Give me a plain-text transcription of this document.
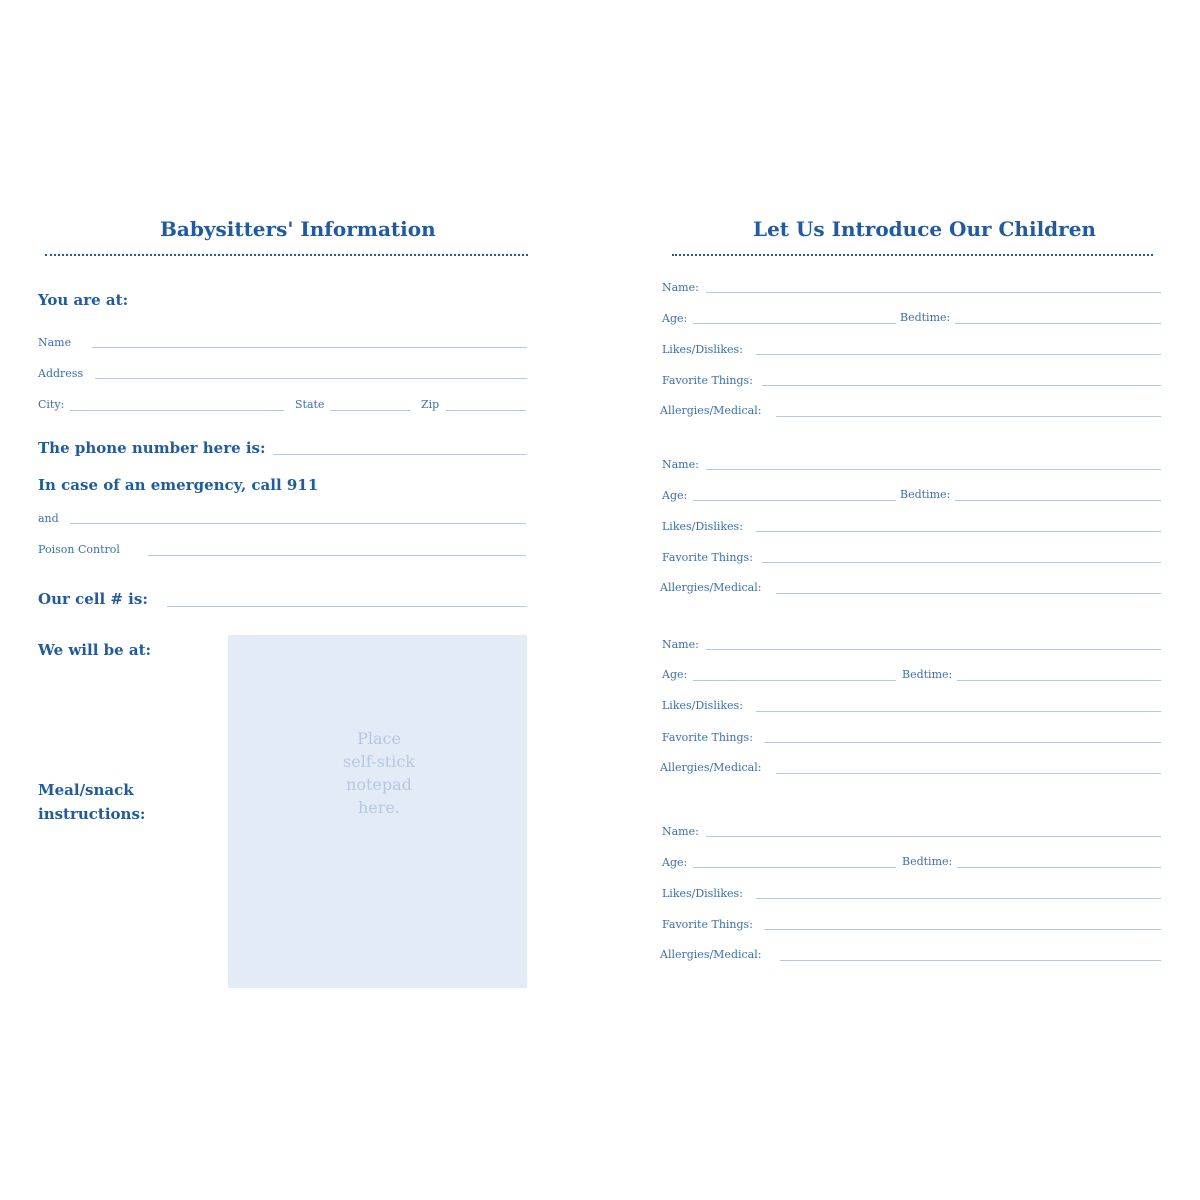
Babysitters' Information
You are at:
Name
Address
City:	State	Zip
The phone number here is:
In case of an emergency, call 911
and
Poison Control
Our cell # is:
We will be at:
Meal/snack
instructions:
Place
self-stick
notepad
here.
Let Us Introduce Our Children
Name:
Age:	Bedtime:
Likes/Dislikes:
Favorite Things:
Allergies/Medical:
Name:
Age:	Bedtime:
Likes/Dislikes:
Favorite Things:
Allergies/Medical:
Name:
Age:	Bedtime:
Likes/Dislikes:
Favorite Things:
Allergies/Medical:
Name:
Age:	Bedtime:
Likes/Dislikes:
Favorite Things:
Allergies/Medical:
